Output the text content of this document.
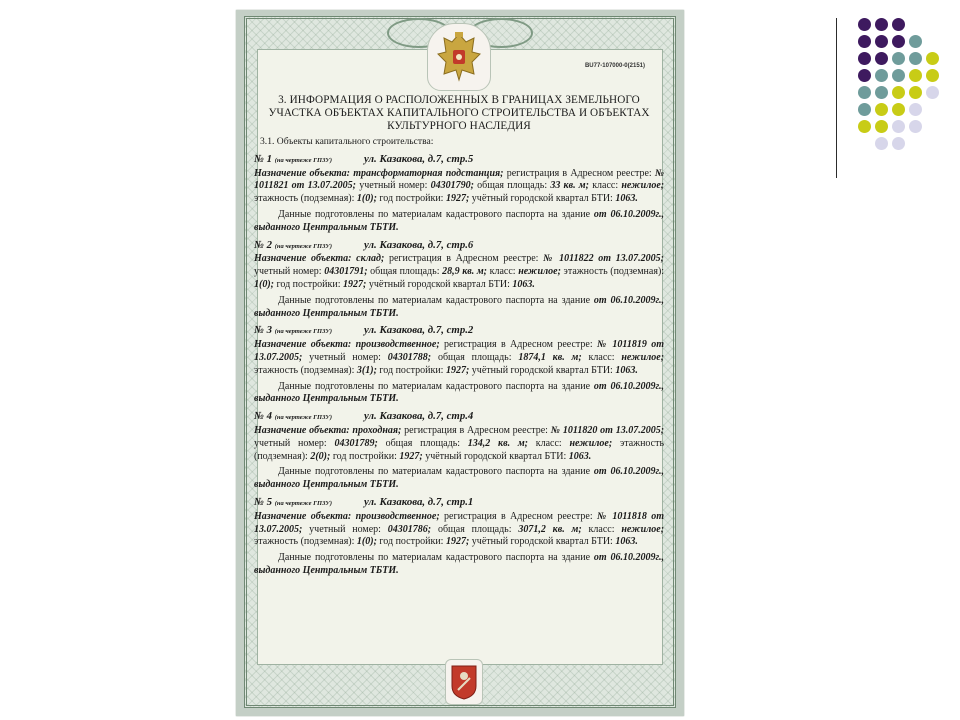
ВU77-107000-0(2151)

3. ИНФОРМАЦИЯ О РАСПОЛОЖЕННЫХ В ГРАНИЦАХ ЗЕМЕЛЬНОГО УЧАСТКА ОБЪЕКТАХ КАПИТАЛЬНОГО СТРОИТЕЛЬСТВА И ОБЪЕКТАХ КУЛЬТУРНОГО НАСЛЕДИЯ

3.1. Объекты капитального строительства:

№ 1 (на чертеже ГПЗУ)	ул. Казакова, д.7, стр.5

Назначение объекта: трансформаторная подстанция; регистрация в Адресном реестре: № 1011821 от 13.07.2005; учетный номер: 04301790; общая площадь: 33 кв. м; класс: нежилое; этажность (подземная): 1(0); год постройки: 1927; учётный городской квартал БТИ: 1063.

Данные подготовлены по материалам кадастрового паспорта на здание от 06.10.2009г., выданного Центральным ТБТИ.

№ 2 (на чертеже ГПЗУ)	ул. Казакова, д.7, стр.6

Назначение объекта: склад; регистрация в Адресном реестре: № 1011822 от 13.07.2005; учетный номер: 04301791; общая площадь: 28,9 кв. м; класс: нежилое; этажность (подземная): 1(0); год постройки: 1927; учётный городской квартал БТИ: 1063.

Данные подготовлены по материалам кадастрового паспорта на здание от 06.10.2009г., выданного Центральным ТБТИ.

№ 3 (на чертеже ГПЗУ)	ул. Казакова, д.7, стр.2

Назначение объекта: производственное; регистрация в Адресном реестре: № 1011819 от 13.07.2005; учетный номер: 04301788; общая площадь: 1874,1 кв. м; класс: нежилое; этажность (подземная): 3(1); год постройки: 1927; учётный городской квартал БТИ: 1063.

Данные подготовлены по материалам кадастрового паспорта на здание от 06.10.2009г., выданного Центральным ТБТИ.

№ 4 (на чертеже ГПЗУ)	ул. Казакова, д.7, стр.4

Назначение объекта: проходная; регистрация в Адресном реестре: № 1011820 от 13.07.2005; учетный номер: 04301789; общая площадь: 134,2 кв. м; класс: нежилое; этажность (подземная): 2(0); год постройки: 1927; учётный городской квартал БТИ: 1063.

Данные подготовлены по материалам кадастрового паспорта на здание от 06.10.2009г., выданного Центральным ТБТИ.

№ 5 (на чертеже ГПЗУ)	ул. Казакова, д.7, стр.1

Назначение объекта: производственное; регистрация в Адресном реестре: № 1011818 от 13.07.2005; учетный номер: 04301786; общая площадь: 3071,2 кв. м; класс: нежилое; этажность (подземная): 1(0); год постройки: 1927; учётный городской квартал БТИ: 1063.

Данные подготовлены по материалам кадастрового паспорта на здание от 06.10.2009г., выданного Центральным ТБТИ.
